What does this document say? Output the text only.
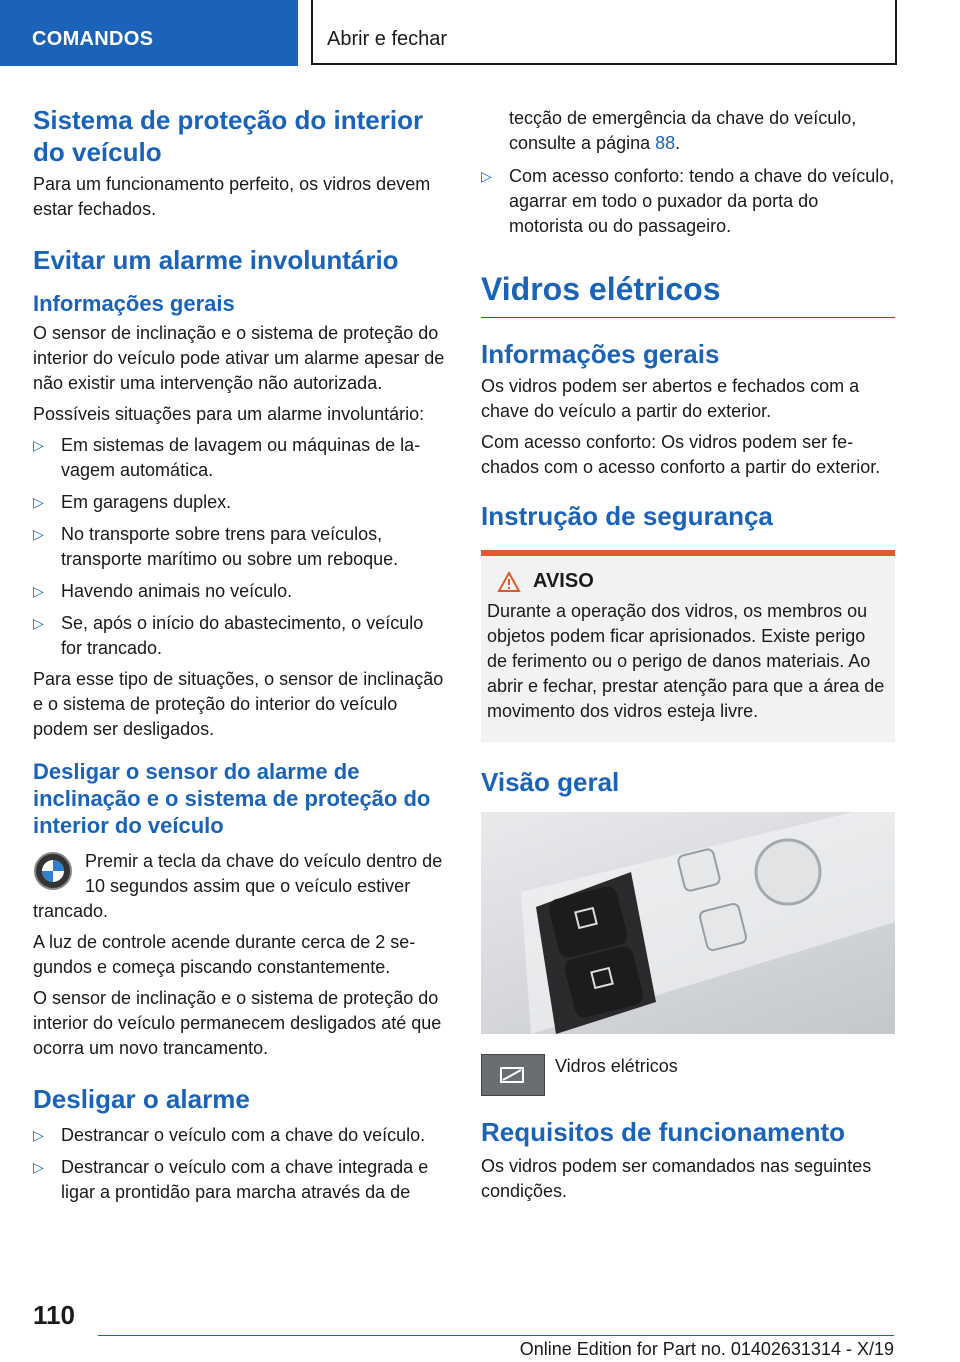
COMANDOS	Abrir e fechar
Sistema de proteção do interior do veículo

Para um funcionamento perfeito, os vidros devem estar fechados.

Evitar um alarme involuntário
Informações gerais

O sensor de inclinação e o sistema de proteção do interior do veículo pode ativar um alarme apesar de não existir uma intervenção não autorizada.

Possíveis situações para um alarme involuntário:

▷ Em sistemas de lavagem ou máquinas de lavagem automática.
▷ Em garagens duplex.
▷ No transporte sobre trens para veículos, transporte marítimo ou sobre um reboque.
▷ Havendo animais no veículo.
▷ Se, após o início do abastecimento, o veículo for trancado.

Para esse tipo de situações, o sensor de inclinação e o sistema de proteção do interior do veículo podem ser desligados.

Desligar o sensor do alarme de inclinação e o sistema de proteção do interior do veículo

Premir a tecla da chave do veículo dentro de 10 segundos assim que o veículo estiver trancado.

A luz de controle acende durante cerca de 2 segundos e começa piscando constantemente.

O sensor de inclinação e o sistema de proteção do interior do veículo permanecem desligados até que ocorra um novo trancamento.

Desligar o alarme
▷ Destrancar o veículo com a chave do veículo.
▷ Destrancar o veículo com a chave integrada e ligar a prontidão para marcha através da de

tecção de emergência da chave do veículo, consulte a página 88.

▷ Com acesso conforto: tendo a chave do veículo, agarrar em todo o puxador da porta do motorista ou do passageiro.
Vidros elétricos
Informações gerais

Os vidros podem ser abertos e fechados com a chave do veículo a partir do exterior.

Com acesso conforto: Os vidros podem ser fechados com o acesso conforto a partir do exterior.

Instrução de segurança
AVISO

Durante a operação dos vidros, os membros ou objetos podem ficar aprisionados. Existe perigo de ferimento ou o perigo de danos materiais. Ao abrir e fechar, prestar atenção para que a área de movimento dos vidros esteja livre.

Visão geral

Vidros elétricos

Requisitos de funcionamento

Os vidros podem ser comandados nas seguintes condições.

110
Online Edition for Part no. 01402631314 - X/19
